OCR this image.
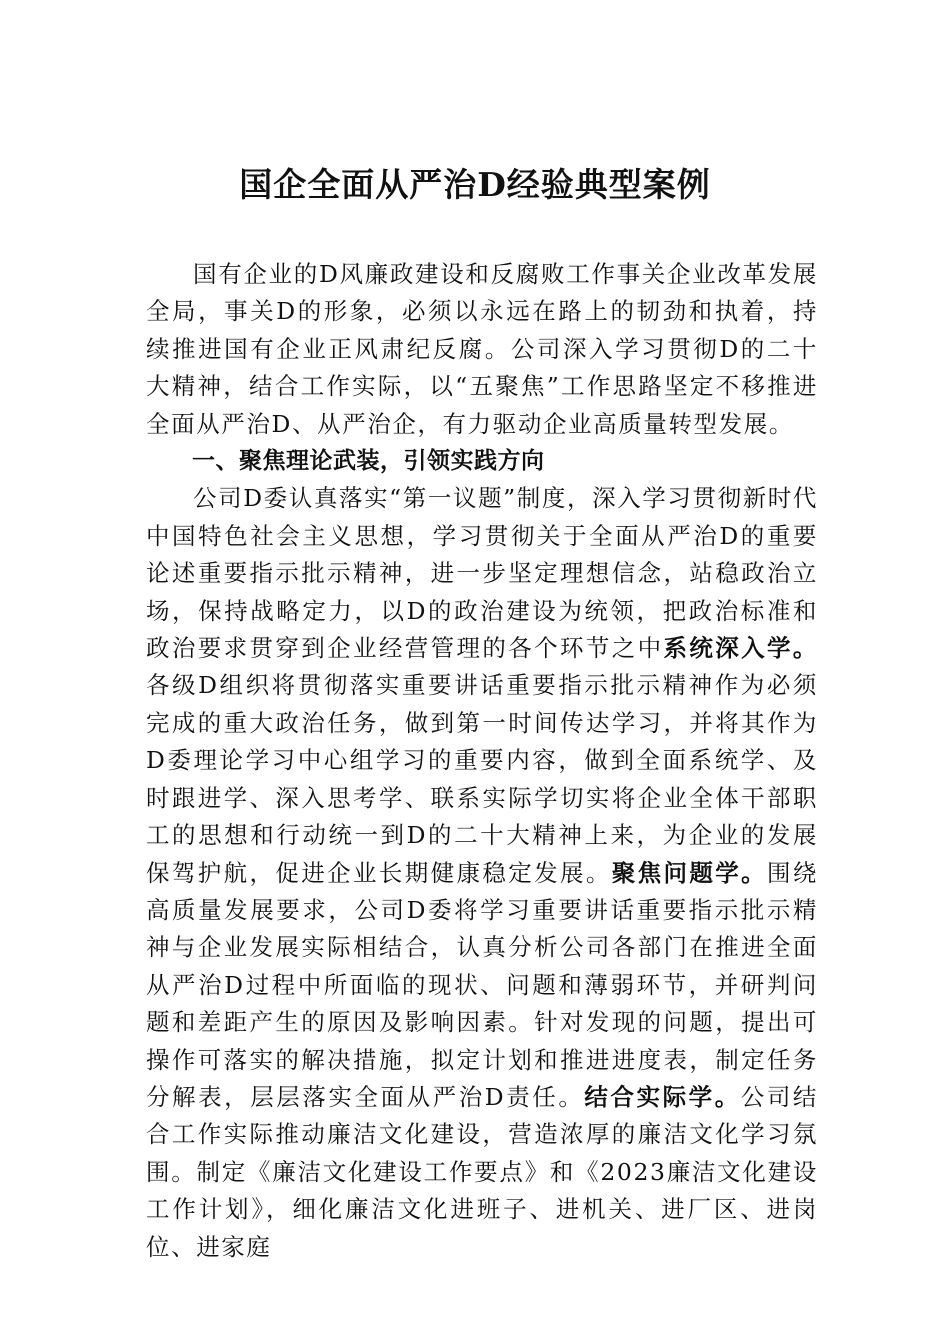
国企全面从严治D经验典型案例

国有企业的D风廉政建设和反腐败工作事关企业改革发展全局，事关D的形象，必须以永远在路上的韧劲和执着，持续推进国有企业正风肃纪反腐。公司深入学习贯彻D的二十大精神，结合工作实际，以“五聚焦”工作思路坚定不移推进全面从严治D、从严治企，有力驱动企业高质量转型发展。

一、聚焦理论武装，引领实践方向

公司D委认真落实“第一议题”制度，深入学习贯彻新时代中国特色社会主义思想，学习贯彻关于全面从严治D的重要论述重要指示批示精神，进一步坚定理想信念，站稳政治立场，保持战略定力，以D的政治建设为统领，把政治标准和政治要求贯穿到企业经营管理的各个环节之中系统深入学。各级D组织将贯彻落实重要讲话重要指示批示精神作为必须完成的重大政治任务，做到第一时间传达学习，并将其作为D委理论学习中心组学习的重要内容，做到全面系统学、及时跟进学、深入思考学、联系实际学切实将企业全体干部职工的思想和行动统一到D的二十大精神上来，为企业的发展保驾护航，促进企业长期健康稳定发展。聚焦问题学。围绕高质量发展要求，公司D委将学习重要讲话重要指示批示精神与企业发展实际相结合，认真分析公司各部门在推进全面从严治D过程中所面临的现状、问题和薄弱环节，并研判问题和差距产生的原因及影响因素。针对发现的问题，提出可操作可落实的解决措施，拟定计划和推进进度表，制定任务分解表，层层落实全面从严治D责任。结合实际学。公司结合工作实际推动廉洁文化建设，营造浓厚的廉洁文化学习氛围。制定《廉洁文化建设工作要点》和《2023廉洁文化建设工作计划》，细化廉洁文化进班子、进机关、进厂区、进岗位、进家庭
